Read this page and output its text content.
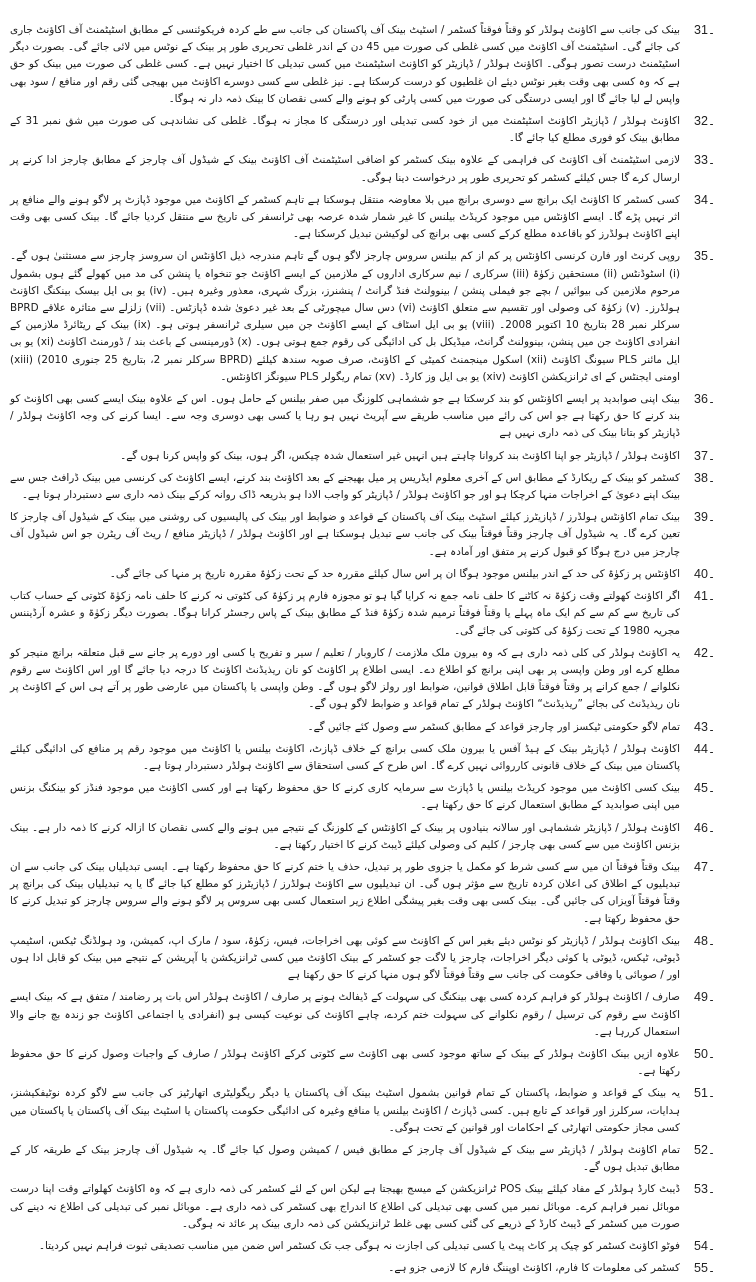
31۔

بینک کی جانب سے اکاؤنٹ ہولڈر کو وقتاً فوقتاً کسٹمر / اسٹیٹ بینک آف پاکستان کی جانب سے طے کردہ فریکوئنسی کے مطابق اسٹیٹمنٹ آف اکاؤنٹ جاری کی جائے گی۔ اسٹیٹمنٹ آف اکاؤنٹ میں کسی غلطی کی صورت میں 45 دن کے اندر غلطی تحریری طور پر بینک کے نوٹس میں لائی جائے گی۔ بصورت دیگر اسٹیٹمنٹ درست تصور ہوگی۔ اکاؤنٹ ہولڈر / ڈپازیٹر کو اکاؤنٹ اسٹیٹمنٹ میں کسی تبدیلی کا اختیار نہیں ہے۔ کسی غلطی کی صورت میں بینک کو حق ہے کہ وہ کسی بھی وقت بغیر نوٹس دیئے ان غلطیوں کو درست کرسکتا ہے۔ نیز غلطی سے کسی دوسرے اکاؤنٹ میں بھیجی گئی رقم اور منافع / سود بھی واپس لے لیا جائے گا اور ایسی درستگی کی صورت میں کسی پارٹی کو ہونے والے کسی نقصان کا بینک ذمہ دار نہ ہوگا۔

32۔

اکاؤنٹ ہولڈر / ڈپازیٹر اکاؤنٹ اسٹیٹمنٹ میں از خود کسی تبدیلی اور درستگی کا مجاز نہ ہوگا۔ غلطی کی نشاندہی کی صورت میں شق نمبر 31 کے مطابق بینک کو فوری مطلع کیا جائے گا۔

33۔

لازمی اسٹیٹمنٹ آف اکاؤنٹ کی فراہمی کے علاوہ بینک کسٹمر کو اضافی اسٹیٹمنٹ آف اکاؤنٹ بینک کے شیڈول آف چارجز کے مطابق چارجز ادا کرنے پر ارسال کرے گا جس کیلئے کسٹمر کو تحریری طور پر درخواست دینا ہوگی۔

34۔

کسی کسٹمر کا اکاؤنٹ ایک برانچ سے دوسری برانچ میں بلا معاوضہ منتقل ہوسکتا ہے تاہم کسٹمر کے اکاؤنٹ میں موجود ڈپازٹ پر لاگو ہونے والے منافع پر اثر نہیں پڑے گا۔ ایسے اکاؤنٹس میں موجود کریڈٹ بیلنس کا غیر شمار شدہ عرصہ بھی ٹرانسفر کی تاریخ سے منتقل کردیا جائے گا۔ بینک کسی بھی وقت اپنے اکاؤنٹ ہولڈرز کو باقاعدہ مطلع کرکے کسی بھی برانچ کی لوکیشن تبدیل کرسکتا ہے۔

35۔

روپی کرنٹ اور فارن کرنسی اکاؤنٹس پر کم از کم بیلنس سروس چارجز لاگو ہوں گے تاہم مندرجہ ذیل اکاؤنٹس ان سروسز چارجز سے مستثنیٰ ہوں گے۔ (i) اسٹوڈنٹس (ii) مستحقین زکوٰۃ (iii) سرکاری / نیم سرکاری اداروں کے ملازمین کے ایسے اکاؤنٹ جو تنخواہ یا پنشن کی مد میں کھولے گئے ہوں بشمول مرحوم ملازمین کی بیوائیں / بچے جو فیملی پنشن / بینوولنٹ فنڈ گرانٹ / پنشنرز، بزرگ شہری، معذور وغیرہ ہیں۔ (iv) یو بی ایل بیسک بینکنگ اکاؤنٹ ہولڈرز۔ (v) زکوٰۃ کی وصولی اور تقسیم سے متعلق اکاؤنٹ (vi) دس سال میچورٹی کے بعد غیر دعویٰ شدہ ڈپازٹس۔ (vii) زلزلے سے متاثرہ علاقے BPRD سرکلر نمبر 28 بتاریخ 10 اکتوبر 2008۔ (viii) یو بی ایل اسٹاف کے ایسے اکاؤنٹ جن میں سیلری ٹرانسفر ہوتی ہو۔ (ix) بینک کے ریٹائرڈ ملازمین کے انفرادی اکاؤنٹ جن میں پنشن، بینوولنٹ گرانٹ، میڈیکل بل کی ادائیگی کی رقوم جمع ہوتی ہوں۔ (x) ڈورمینسی کے باعث بند / ڈورمنٹ اکاؤنٹ (xi) یو بی ایل مائنر PLS سیونگ اکاؤنٹ (xii) اسکول مینجمنٹ کمیٹی کے اکاؤنٹ، صرف صوبہ سندھ کیلئے (BPRD سرکلر نمبر 2، بتاریخ 25 جنوری 2010) (xiii) اومنی ایجنٹس کے ای ٹرانزیکشن اکاؤنٹ (xiv) یو بی ایل وز کارڈ۔ (xv) تمام ریگولر PLS سیونگز اکاؤنٹس۔

36۔

بینک اپنی صوابدید پر ایسے اکاؤنٹس کو بند کرسکتا ہے جو ششماہی کلوزنگ میں صفر بیلنس کے حامل ہوں۔ اس کے علاوہ بینک ایسے کسی بھی اکاؤنٹ کو بند کرنے کا حق رکھتا ہے جو اس کی رائے میں مناسب طریقے سے آپریٹ نہیں ہو رہا یا کسی بھی دوسری وجہ سے۔ ایسا کرنے کی وجہ اکاؤنٹ ہولڈر / ڈپازیٹر کو بتانا بینک کی ذمہ داری نہیں ہے

37۔

اکاؤنٹ ہولڈر / ڈپازیٹر جو اپنا اکاؤنٹ بند کروانا چاہتے ہیں انہیں غیر استعمال شدہ چیکس، اگر ہوں، بینک کو واپس کرنا ہوں گے۔

38۔

کسٹمر کو بینک کے ریکارڈ کے مطابق اس کے آخری معلوم ایڈریس پر میل بھیجنے کے بعد اکاؤنٹ بند کرنے، ایسے اکاؤنٹ کی کرنسی میں بینک ڈرافٹ جس سے بینک اپنے دعویٰ کے اخراجات منہا کرچکا ہو اور جو اکاؤنٹ ہولڈر / ڈپازیٹر کو واجب الادا ہو بذریعہ ڈاک روانہ کرکے بینک ذمہ داری سے دستبردار ہوتا ہے۔

39۔

بینک تمام اکاؤنٹس ہولڈرز / ڈپازیٹرز کیلئے اسٹیٹ بینک آف پاکستان کے قواعد و ضوابط اور بینک کی پالیسیوں کی روشنی میں بینک کے شیڈول آف چارجز کا تعین کرے گا۔ یہ شیڈول آف چارجز وقتاً فوقتاً بینک کی جانب سے تبدیل ہوسکتا ہے اور اکاؤنٹ ہولڈر / ڈپازیٹر منافع / ریٹ آف ریٹرن جو اس شیڈول آف چارجز میں درج ہوگا کو قبول کرنے پر متفق اور آمادہ ہے۔

40۔

اکاؤنٹس پر زکوٰۃ کی حد کے اندر بیلنس موجود ہوگا ان پر اس سال کیلئے مقررہ حد کے تحت زکوٰۃ مقررہ تاریخ پر منہا کی جائے گی۔

41۔

اگر اکاؤنٹ کھولتے وقت زکوٰۃ نہ کاٹنے کا حلف نامہ جمع نہ کرایا گیا ہو تو مجوزہ فارم پر زکوٰۃ کی کٹوتی نہ کرنے کا حلف نامہ زکوٰۃ کٹوتی کے حساب کتاب کی تاریخ سے کم سے کم ایک ماہ پہلے یا وقتاً فوقتاً ترمیم شدہ زکوٰۃ فنڈ کے مطابق بینک کے پاس رجسٹر کرانا ہوگا۔ بصورت دیگر زکوٰۃ و عشرہ آرڈیننس مجریہ 1980 کے تحت زکوٰۃ کی کٹوتی کی جائے گی۔

42۔

یہ اکاؤنٹ ہولڈر کی کلی ذمہ داری ہے کہ وہ بیرون ملک ملازمت / کاروبار / تعلیم / سیر و تفریح یا کسی اور دورے پر جانے سے قبل متعلقہ برانچ منیجر کو مطلع کرے اور وطن واپسی پر بھی اپنی برانچ کو اطلاع دے۔ ایسی اطلاع پر اکاؤنٹ کو نان ریذیڈنٹ اکاؤنٹ کا درجہ دیا جائے گا اور اس اکاؤنٹ سے رقوم نکلوانے / جمع کرانے پر وقتاً فوقتاً قابل اطلاق قوانین، ضوابط اور رولز لاگو ہوں گے۔ وطن واپسی یا پاکستان میں عارضی طور پر آتے ہی اس کے اکاؤنٹ پر نان ریذیڈنٹ کی بجائے ”ریذیڈنٹ“ اکاؤنٹ ہولڈر کے تمام قواعد و ضوابط لاگو ہوں گے۔

43۔

تمام لاگو حکومتی ٹیکسز اور چارجز قواعد کے مطابق کسٹمر سے وصول کئے جائیں گے۔

44۔

اکاؤنٹ ہولڈر / ڈپازیٹر بینک کے ہیڈ آفس یا بیرون ملک کسی برانچ کے خلاف ڈپازٹ، اکاؤنٹ بیلنس یا اکاؤنٹ میں موجود رقم پر منافع کی ادائیگی کیلئے پاکستان میں بینک کے خلاف قانونی کارروائی نہیں کرے گا۔ اس طرح کے کسی استحقاق سے اکاؤنٹ ہولڈر دستبردار ہوتا ہے۔

45۔

بینک کسی اکاؤنٹ میں موجود کریڈٹ بیلنس یا ڈپازٹ سے سرمایہ کاری کرنے کا حق محفوظ رکھتا ہے اور کسی اکاؤنٹ میں موجود فنڈز کو بینکنگ بزنس میں اپنی صوابدید کے مطابق استعمال کرنے کا حق رکھتا ہے۔

46۔

اکاؤنٹ ہولڈر / ڈپازیٹر ششماہی اور سالانہ بنیادوں پر بینک کے اکاؤنٹس کے کلوزنگ کے نتیجے میں ہونے والے کسی نقصان کا ازالہ کرنے کا ذمہ دار ہے۔ بینک بزنس اکاؤنٹ میں سے کسی بھی چارجز / کلیم کی وصولی کیلئے ڈیبٹ کرنے کا اختیار رکھتا ہے۔

47۔

بینک وقتاً فوقتاً ان میں سے کسی شرط کو مکمل یا جزوی طور پر تبدیل، حذف یا ختم کرنے کا حق محفوظ رکھتا ہے۔ ایسی تبدیلیاں بینک کی جانب سے ان تبدیلیوں کے اطلاق کی اعلان کردہ تاریخ سے مؤثر ہوں گی۔ ان تبدیلیوں سے اکاؤنٹ ہولڈرز / ڈپازیٹرز کو مطلع کیا جائے گا یا یہ تبدیلیاں بینک کی برانچ پر وقتاً فوقتاً آویزاں کی جائیں گی۔ بینک کسی بھی وقت بغیر پیشگی اطلاع زیر استعمال کسی بھی سروس پر لاگو ہونے والے سروس چارجز کو تبدیل کرنے کا حق محفوظ رکھتا ہے۔

48۔

بینک اکاؤنٹ ہولڈر / ڈپازیٹر کو نوٹس دیئے بغیر اس کے اکاؤنٹ سے کوئی بھی اخراجات، فیس، زکوٰۃ، سود / مارک اپ، کمیشن، ود ہولڈنگ ٹیکس، اسٹیمپ ڈیوٹی، ٹیکس، ڈیوٹی یا کوئی دیگر اخراجات، چارجز یا لاگت جو کسٹمر کے بینک اکاؤنٹ میں کسی ٹرانزیکشن یا آپریشن کے نتیجے میں بینک کو قابل ادا ہوں اور / صوبائی یا وفاقی حکومت کی جانب سے وقتاً فوقتاً لاگو ہوں منہا کرنے کا حق رکھتا ہے

49۔

صارف / اکاؤنٹ ہولڈر کو فراہم کردہ کسی بھی بینکنگ کی سہولت کے ڈیفالٹ ہونے پر صارف / اکاؤنٹ ہولڈر اس بات پر رضامند / متفق ہے کہ بینک ایسے اکاؤنٹ سے رقوم کی ترسیل / رقوم نکلوانے کی سہولت ختم کردے، چاہے اکاؤنٹ کی نوعیت کیسی ہو (انفرادی یا اجتماعی اکاؤنٹ جو زندہ بچ جانے والا استعمال کررہا ہے۔

50۔

علاوہ ازیں بینک اکاؤنٹ ہولڈر کے بینک کے ساتھ موجود کسی بھی اکاؤنٹ سے کٹوتی کرکے اکاؤنٹ ہولڈر / صارف کے واجبات وصول کرنے کا حق محفوظ رکھتا ہے۔

51۔

یہ بینک کے قواعد و ضوابط، پاکستان کے تمام قوانین بشمول اسٹیٹ بینک آف پاکستان یا دیگر ریگولیٹری اتھارٹیز کی جانب سے لاگو کردہ نوٹیفکیشنز، ہدایات، سرکلرز اور قواعد کے تابع ہیں۔ کسی ڈپازٹ / اکاؤنٹ بیلنس یا منافع وغیرہ کی ادائیگی حکومت پاکستان یا اسٹیٹ بینک آف پاکستان یا پاکستان میں کسی مجاز حکومتی اتھارٹی کے احکامات اور قوانین کے تحت ہوگی۔

52۔

تمام اکاؤنٹ ہولڈر / ڈپازیٹر سے بینک کے شیڈول آف چارجز کے مطابق فیس / کمیشن وصول کیا جائے گا۔ یہ شیڈول آف چارجز بینک کے طریقہ کار کے مطابق تبدیل ہوں گے۔

53۔

ڈیبٹ کارڈ ہولڈر کے مفاد کیلئے بینک POS ٹرانزیکشن کے میسج بھیجتا ہے لیکن اس کے لئے کسٹمر کی ذمہ داری ہے کہ وہ اکاؤنٹ کھلواتے وقت اپنا درست موبائل نمبر فراہم کرے۔ موبائل نمبر میں کسی بھی تبدیلی کی اطلاع کا اندراج بھی کسٹمر کی ذمہ داری ہے۔ موبائل نمبر کی تبدیلی کی اطلاع نہ دینے کی صورت میں کسٹمر کے ڈیبٹ کارڈ کے ذریعے کی گئی کسی بھی غلط ٹرانزیکشن کی ذمہ داری بینک پر عائد نہ ہوگی۔

54۔

فوٹو اکاؤنٹ کسٹمر کو چیک پر کاٹ پیٹ یا کسی تبدیلی کی اجازت نہ ہوگی جب تک کسٹمر اس ضمن میں مناسب تصدیقی ثبوت فراہم نہیں کردیتا۔

55۔

کسٹمر کی معلومات کا فارم، اکاؤنٹ اوپننگ فارم کا لازمی جزو ہے۔
